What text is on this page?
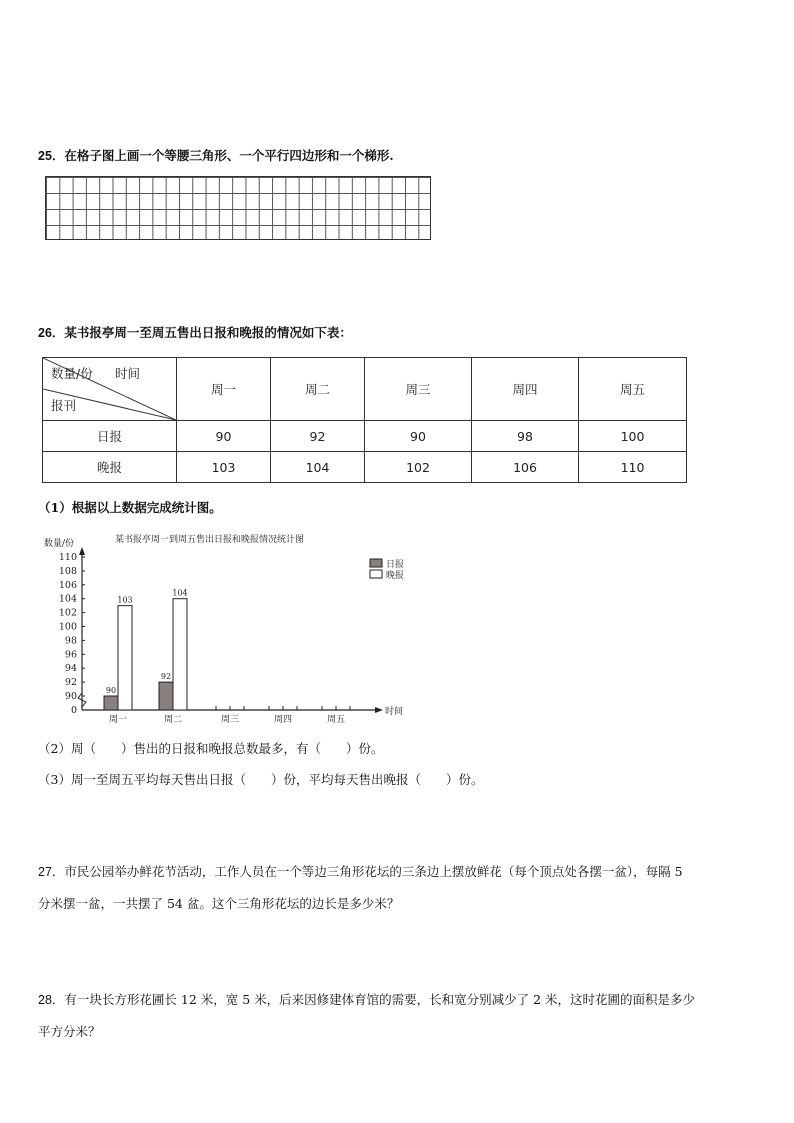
25．在格子图上画一个等腰三角形、一个平行四边形和一个梯形.
26．某书报亭周一至周五售出日报和晚报的情况如下表：
数量/份 时间
报刊	周一	周二	周三	周四	周五
日报	90	92	90	98	100
晚报	103	104	102	106	110
（1）根据以上数据完成统计图。
某书报亭周一到周五售出日报和晚报情况统计图
数量/份
0
90
92
94
96
98
100
102
104
106
108
110
时间
周一	周二	周三	周四	周五
90
92
103
104
日报
晚报
（2）周（　　）售出的日报和晚报总数最多，有（　　）份。
（3）周一至周五平均每天售出日报（　　）份，平均每天售出晚报（　　）份。
27．市民公园举办鲜花节活动，工作人员在一个等边三角形花坛的三条边上摆放鲜花（每个顶点处各摆一盆），每隔 5
分米摆一盆，一共摆了 54 盆。这个三角形花坛的边长是多少米？
28．有一块长方形花圃长 12 米，宽 5 米，后来因修建体育馆的需要，长和宽分别减少了 2 米，这时花圃的面积是多少
平方分米？
